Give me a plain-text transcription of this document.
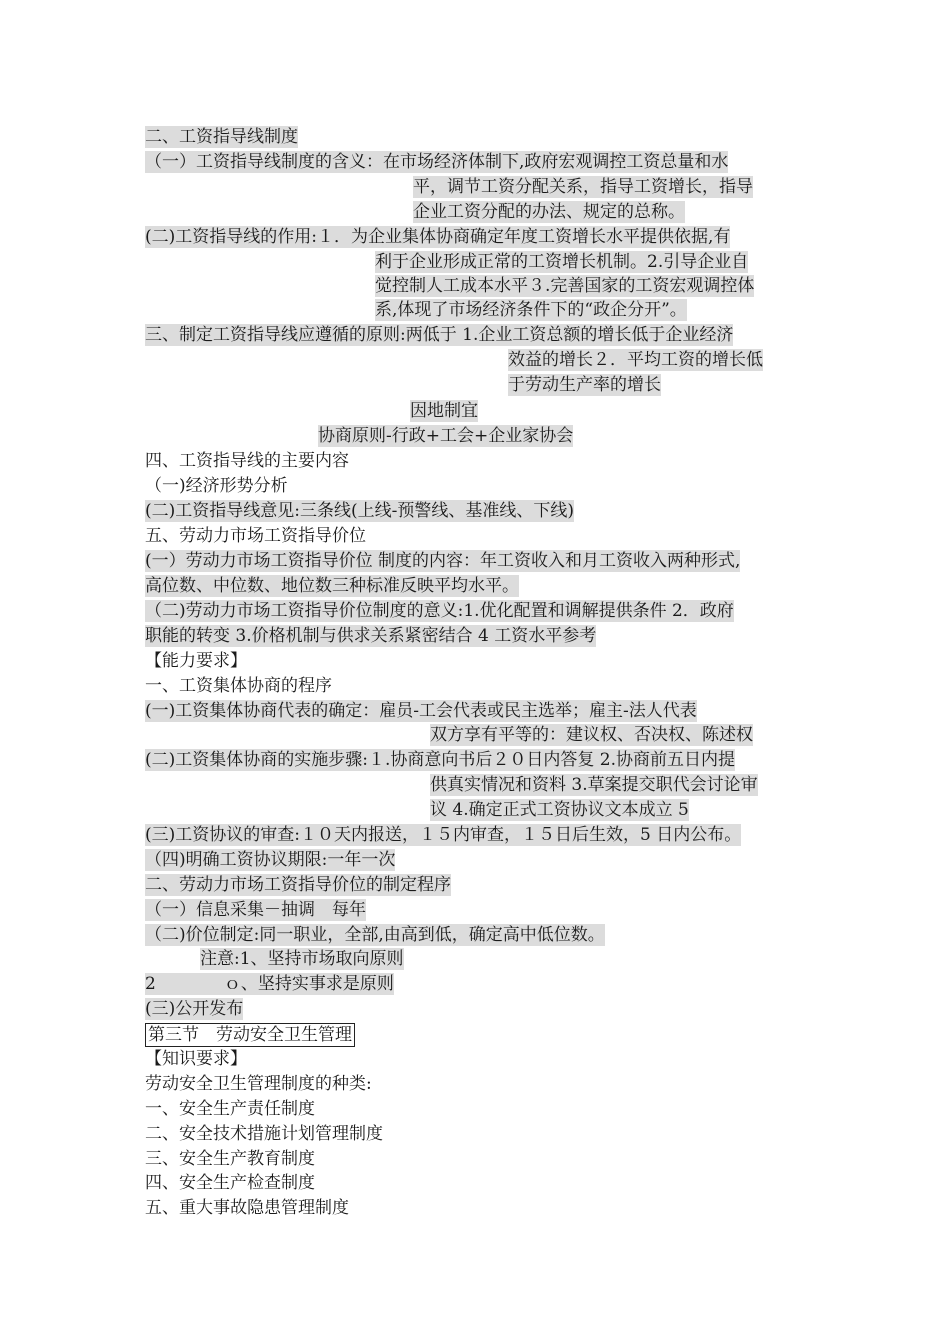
二、工资指导线制度
（一）工资指导线制度的含义：在市场经济体制下,政府宏观调控工资总量和水
平，调节工资分配关系，指导工资增长，指导
企业工资分配的办法、规定的总称。
(二)工资指导线的作用:１．为企业集体协商确定年度工资增长水平提供依据,有
利于企业形成正常的工资增长机制。2.引导企业自
觉控制人工成本水平３.完善国家的工资宏观调控体
系,体现了市场经济条件下的“政企分开”。
三、制定工资指导线应遵循的原则:两低于 1.企业工资总额的增长低于企业经济
效益的增长２．平均工资的增长低
于劳动生产率的增长
因地制宜
协商原则-行政+工会+企业家协会
四、工资指导线的主要内容
（一)经济形势分析
(二)工资指导线意见:三条线(上线-预警线、基准线、下线)
五、劳动力市场工资指导价位
(一）劳动力市场工资指导价位 制度的内容：年工资收入和月工资收入两种形式,
高位数、中位数、地位数三种标准反映平均水平。
（二)劳动力市场工资指导价位制度的意义:1.优化配置和调解提供条件 2．政府
职能的转变 3.价格机制与供求关系紧密结合 4 工资水平参考
【能力要求】
一、工资集体协商的程序
(一)工资集体协商代表的确定：雇员-工会代表或民主选举；雇主-法人代表
双方享有平等的：建议权、否决权、陈述权
(二)工资集体协商的实施步骤:１.协商意向书后２０日内答复 2.协商前五日内提
供真实情况和资料 3.草案提交职代会讨论审
议 4.确定正式工资协议文本成立 5
(三)工资协议的审查:１０天内报送，１５内审查，１５日后生效，5 日内公布。
（四)明确工资协议期限:一年一次
二、劳动力市场工资指导价位的制定程序
（一）信息采集－抽调　每年
（二)价位制定:同一职业，全部,由高到低，确定高中低位数。
注意:1、坚持市场取向原则
2　　　　ｏ、坚持实事求是原则
(三)公开发布
第三节　劳动安全卫生管理
【知识要求】
劳动安全卫生管理制度的种类:
一、安全生产责任制度
二、安全技术措施计划管理制度
三、安全生产教育制度
四、安全生产检查制度
五、重大事故隐患管理制度
